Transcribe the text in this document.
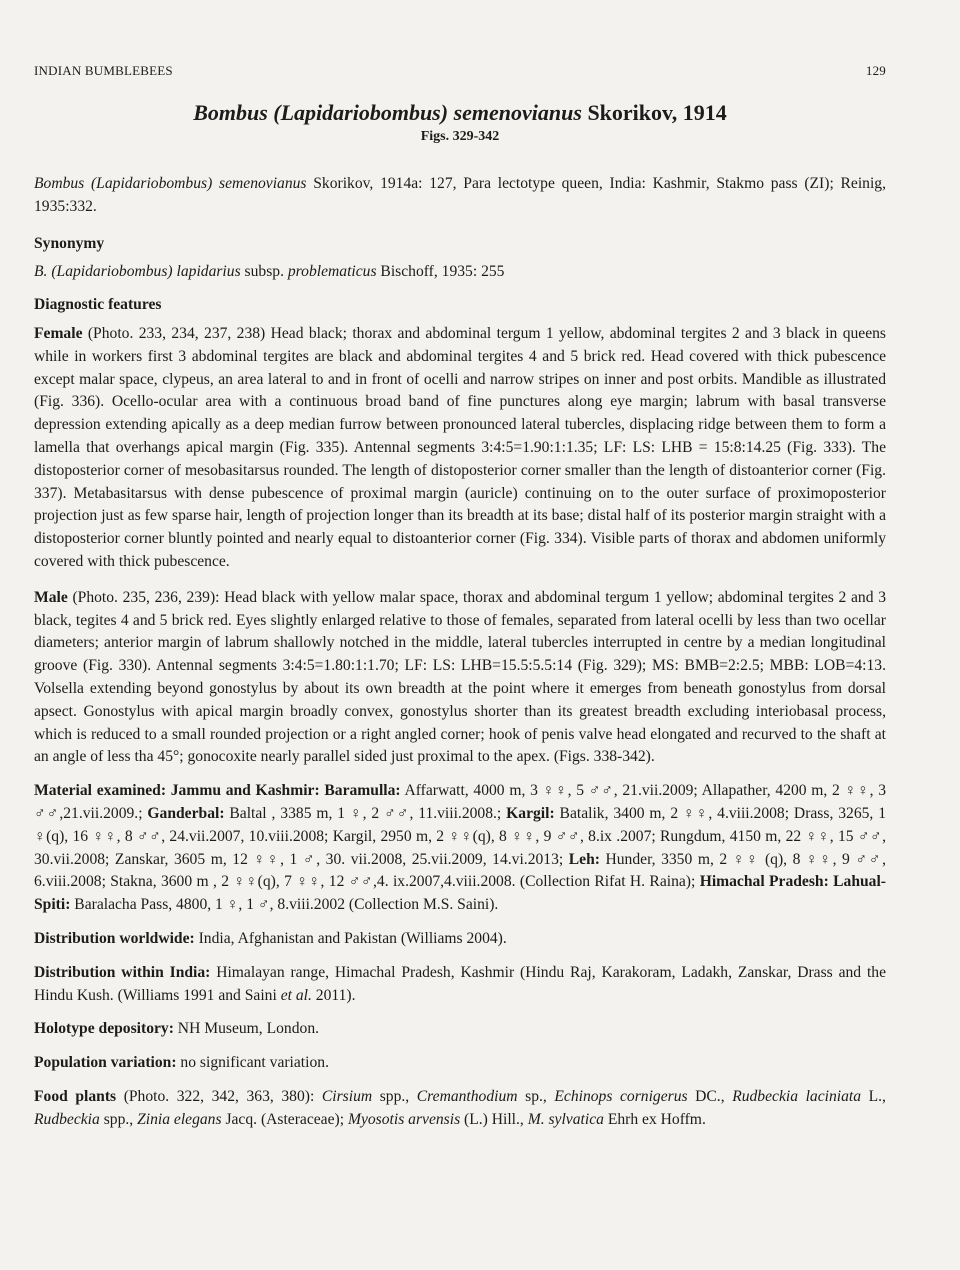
INDIAN BUMBLEBEES	129
Bombus (Lapidariobombus) semenovianus Skorikov, 1914
Figs. 329-342

Bombus (Lapidariobombus) semenovianus Skorikov, 1914a: 127, Para lectotype queen, India: Kashmir, Stakmo pass (ZI); Reinig, 1935:332.

Synonymy

B. (Lapidariobombus) lapidarius subsp. problematicus Bischoff, 1935: 255

Diagnostic features

Female (Photo. 233, 234, 237, 238) Head black; thorax and abdominal tergum 1 yellow, abdominal tergites 2 and 3 black in queens while in workers first 3 abdominal tergites are black and abdominal tergites 4 and 5 brick red. Head covered with thick pubescence except malar space, clypeus, an area lateral to and in front of ocelli and narrow stripes on inner and post orbits. Mandible as illustrated (Fig. 336). Ocello-ocular area with a continuous broad band of fine punctures along eye margin; labrum with basal transverse depression extending apically as a deep median furrow between pronounced lateral tubercles, displacing ridge between them to form a lamella that overhangs apical margin (Fig. 335). Antennal segments 3:4:5=1.90:1:1.35; LF: LS: LHB = 15:8:14.25 (Fig. 333). The distoposterior corner of mesobasitarsus rounded. The length of distoposterior corner smaller than the length of distoanterior corner (Fig. 337). Metabasitarsus with dense pubescence of proximal margin (auricle) continuing on to the outer surface of proximoposterior projection just as few sparse hair, length of projection longer than its breadth at its base; distal half of its posterior margin straight with a distoposterior corner bluntly pointed and nearly equal to distoanterior corner (Fig. 334). Visible parts of thorax and abdomen uniformly covered with thick pubescence.

Male (Photo. 235, 236, 239): Head black with yellow malar space, thorax and abdominal tergum 1 yellow; abdominal tergites 2 and 3 black, tegites 4 and 5 brick red. Eyes slightly enlarged relative to those of females, separated from lateral ocelli by less than two ocellar diameters; anterior margin of labrum shallowly notched in the middle, lateral tubercles interrupted in centre by a median longitudinal groove (Fig. 330). Antennal segments 3:4:5=1.80:1:1.70; LF: LS: LHB=15.5:5.5:14 (Fig. 329); MS: BMB=2:2.5; MBB: LOB=4:13. Volsella extending beyond gonostylus by about its own breadth at the point where it emerges from beneath gonostylus from dorsal apsect. Gonostylus with apical margin broadly convex, gonostylus shorter than its greatest breadth excluding interiobasal process, which is reduced to a small rounded projection or a right angled corner; hook of penis valve head elongated and recurved to the shaft at an angle of less tha 45°; gonocoxite nearly parallel sided just proximal to the apex. (Figs. 338-342).

Material examined: Jammu and Kashmir: Baramulla: Affarwatt, 4000 m, 3 ♀♀, 5 ♂♂, 21.vii.2009; Allapather, 4200 m, 2 ♀♀, 3 ♂♂,21.vii.2009.; Ganderbal: Baltal , 3385 m, 1 ♀, 2 ♂♂, 11.viii.2008.; Kargil: Batalik, 3400 m, 2 ♀♀, 4.viii.2008; Drass, 3265, 1 ♀(q), 16 ♀♀, 8 ♂♂, 24.vii.2007, 10.viii.2008; Kargil, 2950 m, 2 ♀♀(q), 8 ♀♀, 9 ♂♂, 8.ix .2007; Rungdum, 4150 m, 22 ♀♀, 15 ♂♂, 30.vii.2008; Zanskar, 3605 m, 12 ♀♀, 1 ♂, 30. vii.2008, 25.vii.2009, 14.vi.2013; Leh: Hunder, 3350 m, 2 ♀♀ (q), 8 ♀♀, 9 ♂♂, 6.viii.2008; Stakna, 3600 m , 2 ♀♀(q), 7 ♀♀, 12 ♂♂,4. ix.2007,4.viii.2008. (Collection Rifat H. Raina); Himachal Pradesh: Lahual-Spiti: Baralacha Pass, 4800, 1 ♀, 1 ♂, 8.viii.2002 (Collection M.S. Saini).

Distribution worldwide: India, Afghanistan and Pakistan (Williams 2004).

Distribution within India: Himalayan range, Himachal Pradesh, Kashmir (Hindu Raj, Karakoram, Ladakh, Zanskar, Drass and the Hindu Kush. (Williams 1991 and Saini et al. 2011).

Holotype depository: NH Museum, London.

Population variation: no significant variation.

Food plants (Photo. 322, 342, 363, 380): Cirsium spp., Cremanthodium sp., Echinops cornigerus DC., Rudbeckia laciniata L., Rudbeckia spp., Zinia elegans Jacq. (Asteraceae); Myosotis arvensis (L.) Hill., M. sylvatica Ehrh ex Hoffm.
